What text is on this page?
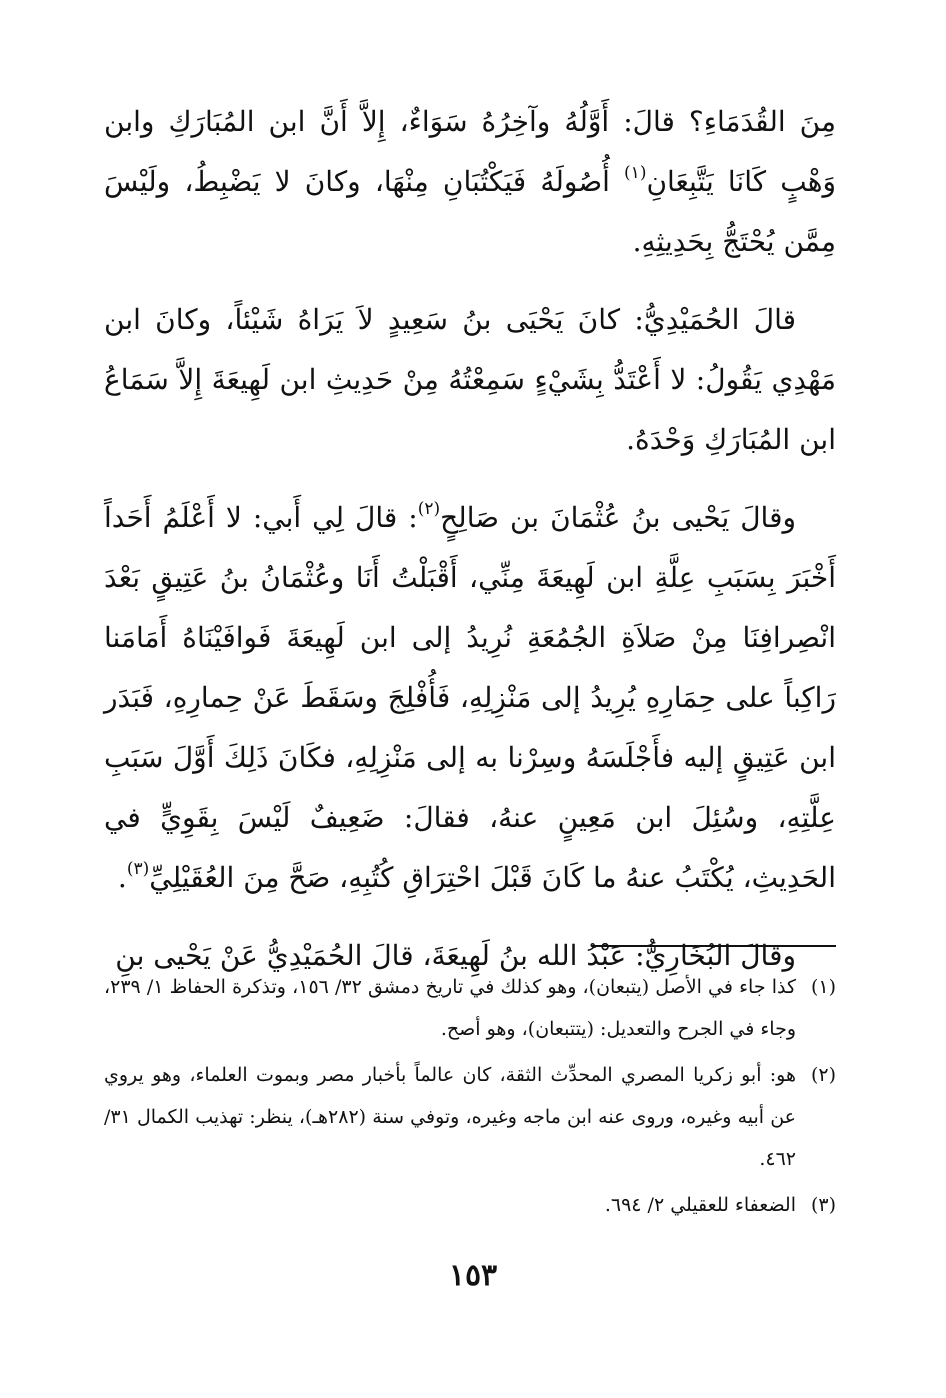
مِنَ القُدَمَاءِ؟ قالَ: أَوَّلُهُ وآخِرُهُ سَوَاءٌ، إِلاَّ أَنَّ ابن المُبَارَكِ وابن وَهْبٍ كَانَا يَتَّبِعَانِ$^{(١)}$ أُصُولَهُ فَيَكْتُبَانِ مِنْهَا، وكانَ لا يَضْبِطُ، ولَيْسَ مِمَّن يُحْتَجُّ بِحَدِيثِهِ.

قالَ الحُمَيْدِيُّ: كانَ يَحْيَى بنُ سَعِيدٍ لاَ يَرَاهُ شَيْئاً، وكانَ ابن مَهْدِي يَقُولُ: لا أَعْتَدُّ بِشَيْءٍ سَمِعْتُهُ مِنْ حَدِيثِ ابن لَهِيعَةَ إِلاَّ سَمَاعُ ابن المُبَارَكِ وَحْدَهُ.

وقالَ يَحْيى بنُ عُثْمَانَ بن صَالِحٍ$^{(٢)}$: قالَ لِي أَبي: لا أَعْلَمُ أَحَداً أَخْبَرَ بِسَبَبِ عِلَّةِ ابن لَهِيعَةَ مِنِّي، أَقْبَلْتُ أَنَا وعُثْمَانُ بنُ عَتِيقٍ بَعْدَ انْصِرافِنَا مِنْ صَلاَةِ الجُمُعَةِ نُرِيدُ إلى ابن لَهِيعَةَ فَوافَيْنَاهُ أَمَامَنا رَاكِباً على حِمَارِهِ يُرِيدُ إلى مَنْزِلِهِ، فَأُفْلِجَ وسَقَطَ عَنْ حِمارِهِ، فَبَدَر ابن عَتِيقٍ إليه فأَجْلَسَهُ وسِرْنا به إلى مَنْزِلِهِ، فكَانَ ذَلِكَ أَوَّلَ سَبَبِ عِلَّتِهِ، وسُئِلَ ابن مَعِينٍ عنهُ، فقالَ: ضَعِيفٌ لَيْسَ بِقَوِيٍّ في الحَدِيثِ، يُكْتَبُ عنهُ ما كَانَ قَبْلَ احْتِرَاقِ كُتُبِهِ، صَحَّ مِنَ العُقَيْلِيِّ$^{(٣)}$.

وقالَ البُخَارِيُّ: عَبْدُ الله بنُ لَهِيعَةَ، قالَ الحُمَيْدِيُّ عَنْ يَحْيى بنِ

(١)
كذا جاء في الأصل (يتبعان)، وهو كذلك في تاريخ دمشق ٣٢/ ١٥٦، وتذكرة الحفاظ ١/ ٢٣٩، وجاء في الجرح والتعديل: (يتتبعان)، وهو أصح.
(٢)
هو: أبو زكريا المصري المحدِّث الثقة، كان عالماً بأخبار مصر وبموت العلماء، وهو يروي عن أبيه وغيره، وروى عنه ابن ماجه وغيره، وتوفي سنة (٢٨٢هـ)، ينظر: تهذيب الكمال ٣١/ ٤٦٢.
(٣)
الضعفاء للعقيلي ٢/ ٦٩٤.
١٥٣
